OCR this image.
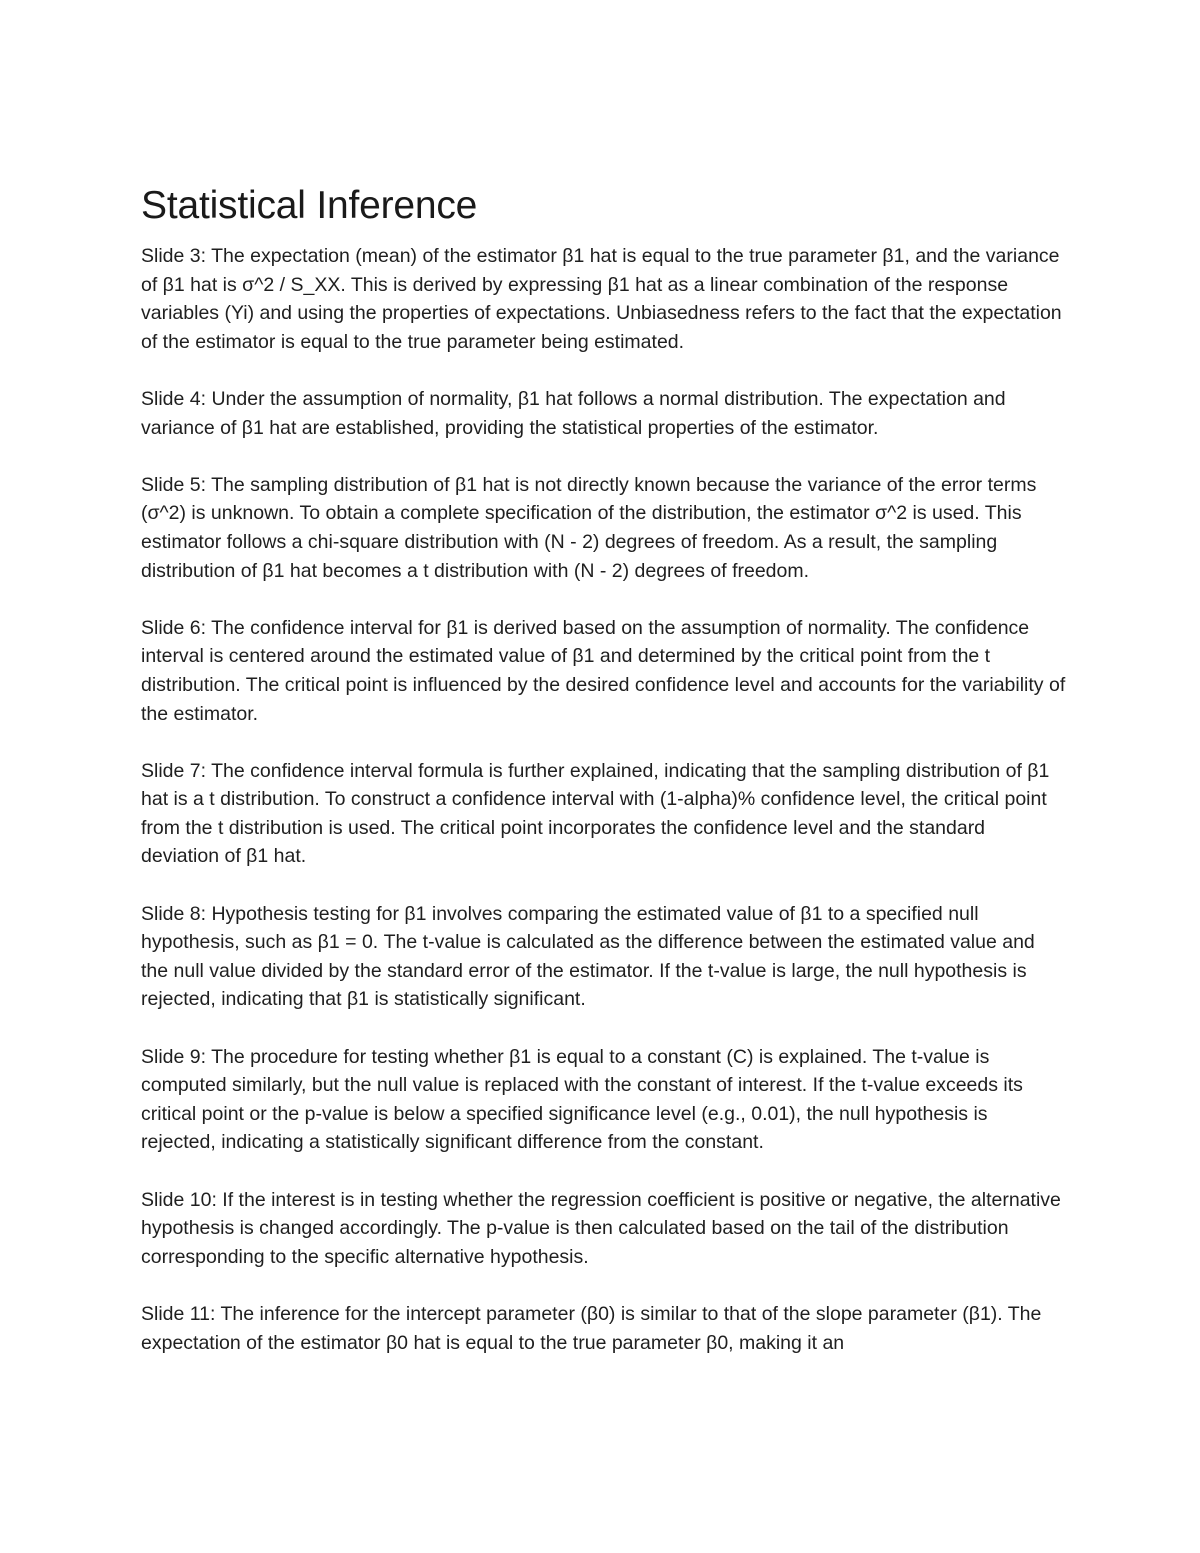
Statistical Inference

Slide 3: The expectation (mean) of the estimator β1 hat is equal to the true parameter β1, and the variance of β1 hat is σ^2 / S_XX. This is derived by expressing β1 hat as a linear combination of the response variables (Yi) and using the properties of expectations. Unbiasedness refers to the fact that the expectation of the estimator is equal to the true parameter being estimated.

Slide 4: Under the assumption of normality, β1 hat follows a normal distribution. The expectation and variance of β1 hat are established, providing the statistical properties of the estimator.

Slide 5: The sampling distribution of β1 hat is not directly known because the variance of the error terms (σ^2) is unknown. To obtain a complete specification of the distribution, the estimator σ^2 is used. This estimator follows a chi-square distribution with (N - 2) degrees of freedom. As a result, the sampling distribution of β1 hat becomes a t distribution with (N - 2) degrees of freedom.

Slide 6: The confidence interval for β1 is derived based on the assumption of normality. The confidence interval is centered around the estimated value of β1 and determined by the critical point from the t distribution. The critical point is influenced by the desired confidence level and accounts for the variability of the estimator.

Slide 7: The confidence interval formula is further explained, indicating that the sampling distribution of β1 hat is a t distribution. To construct a confidence interval with (1-alpha)% confidence level, the critical point from the t distribution is used. The critical point incorporates the confidence level and the standard deviation of β1 hat.

Slide 8: Hypothesis testing for β1 involves comparing the estimated value of β1 to a specified null hypothesis, such as β1 = 0. The t-value is calculated as the difference between the estimated value and the null value divided by the standard error of the estimator. If the t-value is large, the null hypothesis is rejected, indicating that β1 is statistically significant.

Slide 9: The procedure for testing whether β1 is equal to a constant (C) is explained. The t-value is computed similarly, but the null value is replaced with the constant of interest. If the t-value exceeds its critical point or the p-value is below a specified significance level (e.g., 0.01), the null hypothesis is rejected, indicating a statistically significant difference from the constant.

Slide 10: If the interest is in testing whether the regression coefficient is positive or negative, the alternative hypothesis is changed accordingly. The p-value is then calculated based on the tail of the distribution corresponding to the specific alternative hypothesis.

Slide 11: The inference for the intercept parameter (β0) is similar to that of the slope parameter (β1). The expectation of the estimator β0 hat is equal to the true parameter β0, making it an
